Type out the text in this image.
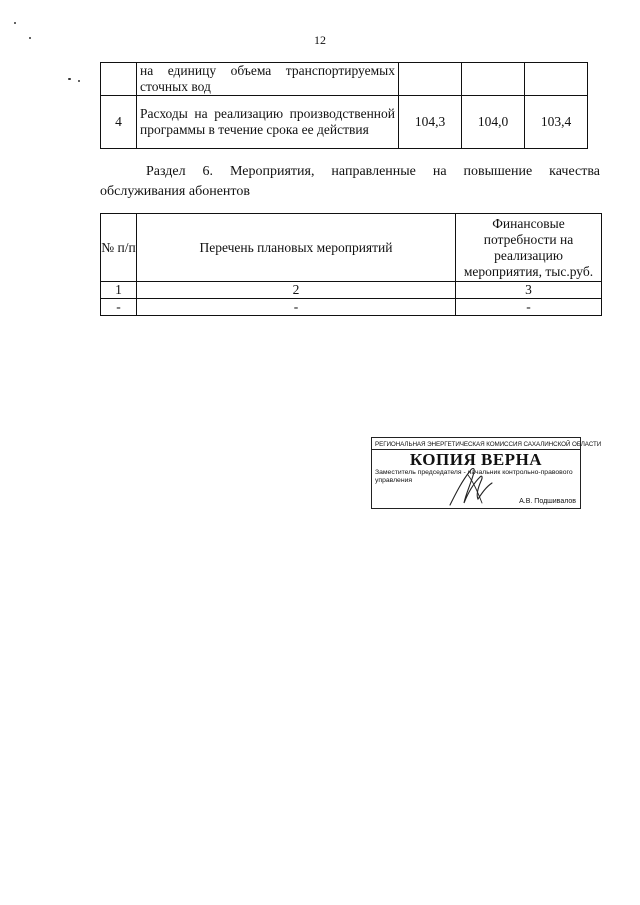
12
	на единицу объема транспортируемых сточных вод			
4	Расходы на реализацию производственной программы в течение срока ее действия	104,3	104,0	103,4
Раздел 6. Мероприятия, направленные на повышение качества обслуживания абонентов
№ п/п	Перечень плановых мероприятий	Финансовые потребности на реализацию мероприятия, тыс.руб.
1	2	3
-	-	-
РЕГИОНАЛЬНАЯ ЭНЕРГЕТИЧЕСКАЯ КОМИССИЯ САХАЛИНСКОЙ ОБЛАСТИ
КОПИЯ ВЕРНА
Заместитель председателя - начальник контрольно-правового управления
А.В. Подшивалов
